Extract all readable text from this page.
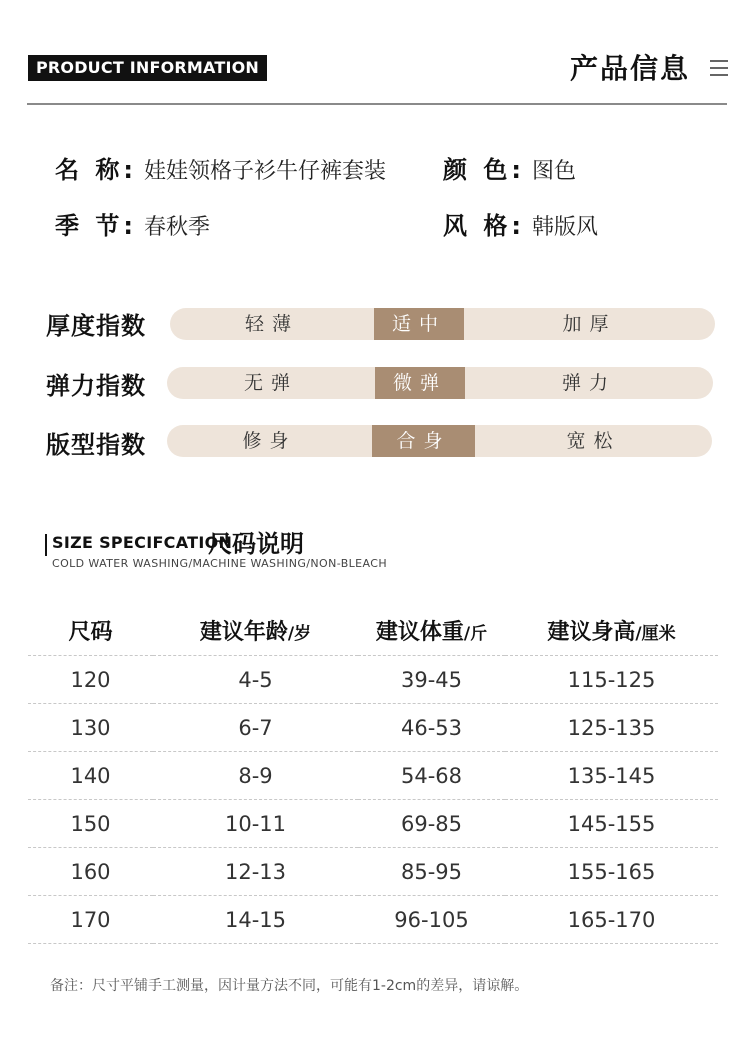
PRODUCT INFORMATION	产品信息
名 称: 娃娃领格子衫牛仔裤套装 颜 色: 图色
季 节: 春秋季	风 格: 韩版风
厚度指数	轻薄	适中	加厚
弹力指数	无弹	微弹	弹力
版型指数	修身	合身	宽松
SIZE SPECIFCATION
尺码说明
COLD WATER WASHING/MACHINE WASHING/NON-BLEACH
尺码	建议年龄/岁	建议体重/斤	建议身高/厘米
120	4-5	39-45	115-125
130	6-7	46-53	125-135
140	8-9	54-68	135-145
150	10-11	69-85	145-155
160	12-13	85-95	155-165
170	14-15	96-105	165-170
备注：尺寸平铺手工测量，因计量方法不同，可能有1-2cm的差异，请谅解。
